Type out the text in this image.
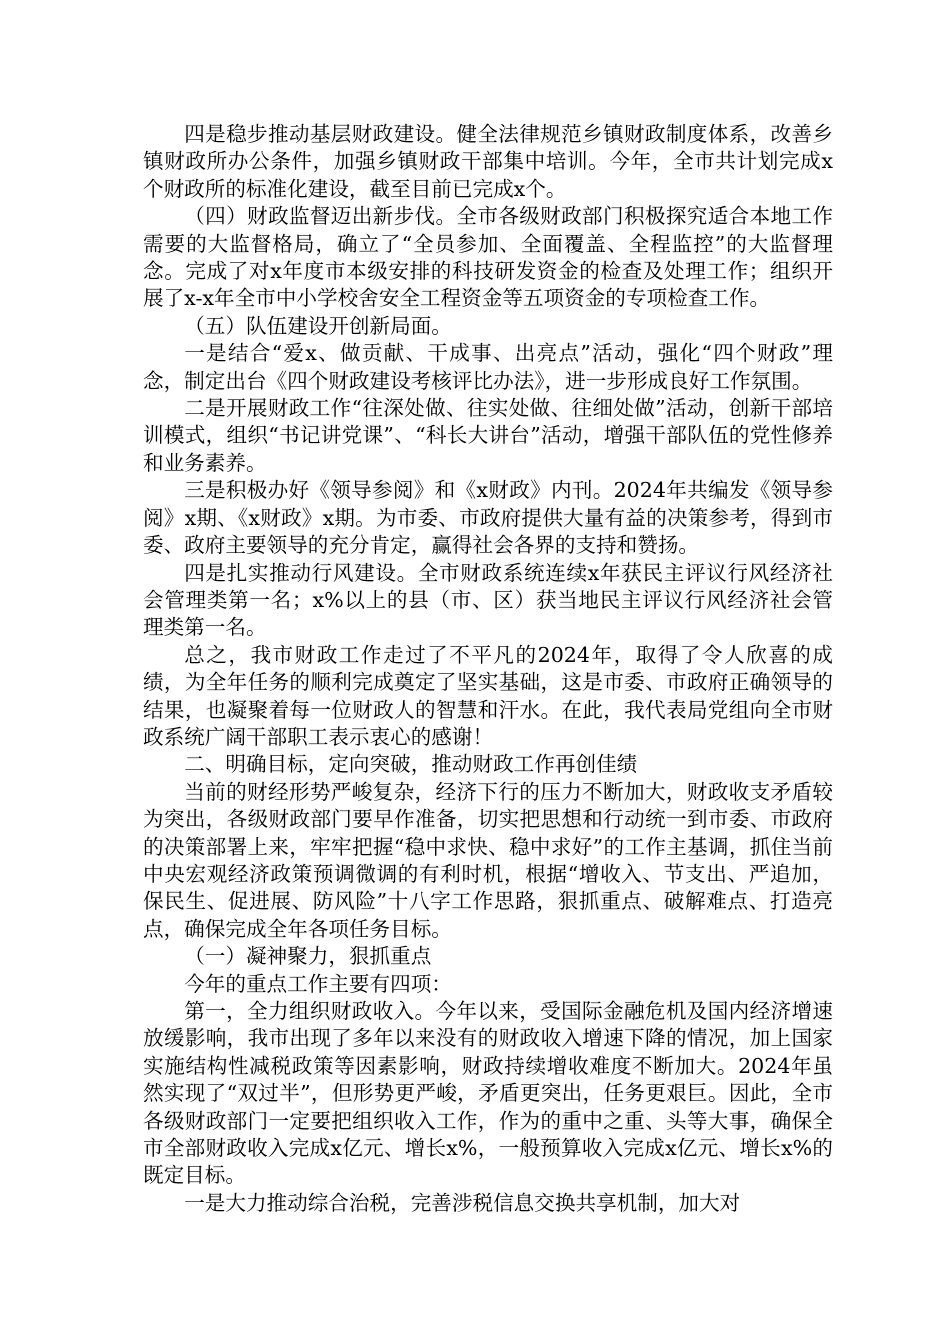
四是稳步推动基层财政建设。健全法律规范乡镇财政制度体系，改善乡镇财政所办公条件，加强乡镇财政干部集中培训。今年，全市共计划完成x个财政所的标准化建设，截至目前已完成x个。

（四）财政监督迈出新步伐。全市各级财政部门积极探究适合本地工作需要的大监督格局，确立了“全员参加、全面覆盖、全程监控”的大监督理念。完成了对x年度市本级安排的科技研发资金的检查及处理工作；组织开展了x-x年全市中小学校舍安全工程资金等五项资金的专项检查工作。

（五）队伍建设开创新局面。

一是结合“爱x、做贡献、干成事、出亮点”活动，强化“四个财政”理念，制定出台《四个财政建设考核评比办法》，进一步形成良好工作氛围。

二是开展财政工作“往深处做、往实处做、往细处做”活动，创新干部培训模式，组织“书记讲党课”、“科长大讲台”活动，增强干部队伍的党性修养和业务素养。

三是积极办好《领导参阅》和《x财政》内刊。2024年共编发《领导参阅》x期、《x财政》x期。为市委、市政府提供大量有益的决策参考，得到市委、政府主要领导的充分肯定，赢得社会各界的支持和赞扬。

四是扎实推动行风建设。全市财政系统连续x年获民主评议行风经济社会管理类第一名；x%以上的县（市、区）获当地民主评议行风经济社会管理类第一名。

总之，我市财政工作走过了不平凡的2024年，取得了令人欣喜的成绩，为全年任务的顺利完成奠定了坚实基础，这是市委、市政府正确领导的结果，也凝聚着每一位财政人的智慧和汗水。在此，我代表局党组向全市财政系统广阔干部职工表示衷心的感谢！

二、明确目标，定向突破，推动财政工作再创佳绩

当前的财经形势严峻复杂，经济下行的压力不断加大，财政收支矛盾较为突出，各级财政部门要早作准备，切实把思想和行动统一到市委、市政府的决策部署上来，牢牢把握“稳中求快、稳中求好”的工作主基调，抓住当前中央宏观经济政策预调微调的有利时机，根据“增收入、节支出、严追加，保民生、促进展、防风险”十八字工作思路，狠抓重点、破解难点、打造亮点，确保完成全年各项任务目标。

（一）凝神聚力，狠抓重点

今年的重点工作主要有四项：

第一，全力组织财政收入。今年以来，受国际金融危机及国内经济增速放缓影响，我市出现了多年以来没有的财政收入增速下降的情况，加上国家实施结构性减税政策等因素影响，财政持续增收难度不断加大。2024年虽然实现了“双过半”，但形势更严峻，矛盾更突出，任务更艰巨。因此，全市各级财政部门一定要把组织收入工作，作为的重中之重、头等大事，确保全市全部财政收入完成x亿元、增长x%，一般预算收入完成x亿元、增长x%的既定目标。

一是大力推动综合治税，完善涉税信息交换共享机制，加大对
